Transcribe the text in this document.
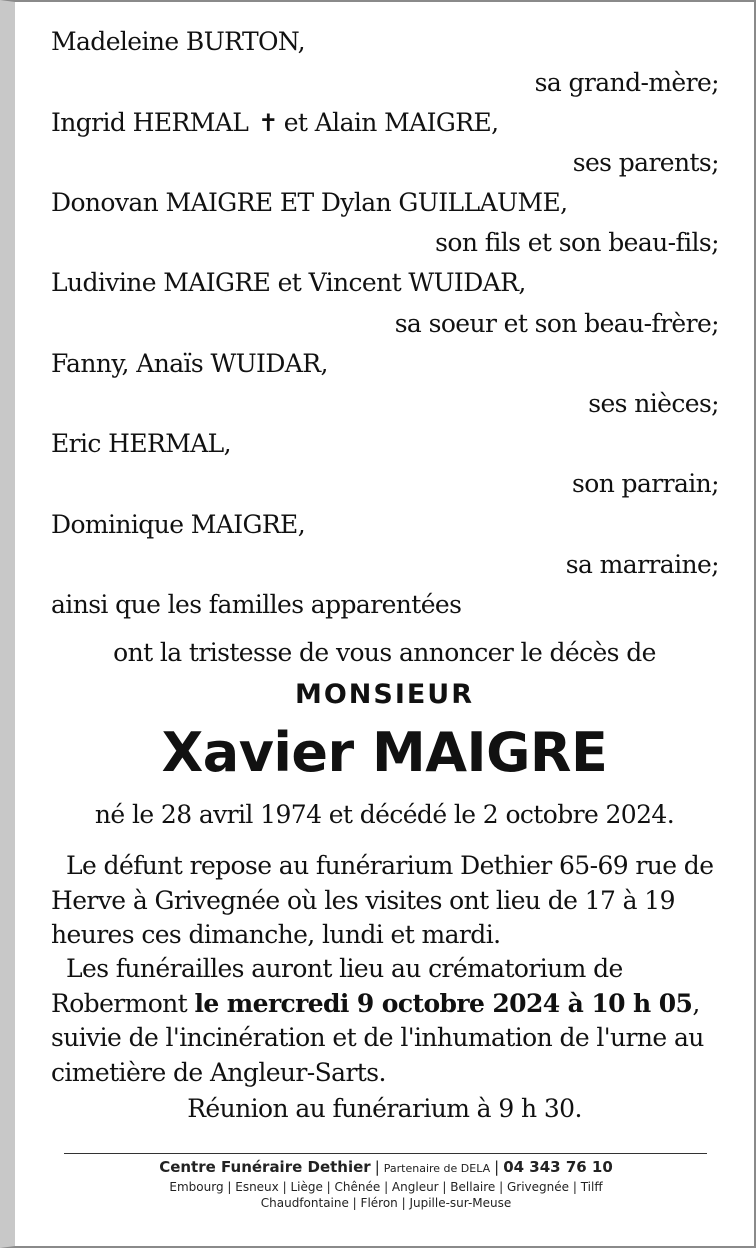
Madeleine BURTON,
sa grand-mère;
Ingrid HERMAL ✝ et Alain MAIGRE,
ses parents;
Donovan MAIGRE ET Dylan GUILLAUME,
son fils et son beau-fils;
Ludivine MAIGRE et Vincent WUIDAR,
sa soeur et son beau-frère;
Fanny, Anaïs WUIDAR,
ses nièces;
Eric HERMAL,
son parrain;
Dominique MAIGRE,
sa marraine;
ainsi que les familles apparentées
ont la tristesse de vous annoncer le décès de
MONSIEUR
Xavier MAIGRE
né le 28 avril 1974 et décédé le 2 octobre 2024.
Le défunt repose au funérarium Dethier 65-69 rue de Herve à Grivegnée où les visites ont lieu de 17 à 19 heures ces dimanche, lundi et mardi.
Les funérailles auront lieu au crématorium de Robermont le mercredi 9 octobre 2024 à 10 h 05, suivie de l'incinération et de l'inhumation de l'urne au cimetière de Angleur-Sarts.
Réunion au funérarium à 9 h 30.
Centre Funéraire Dethier | Partenaire de DELA | 04 343 76 10
Embourg | Esneux | Liège | Chênée | Angleur | Bellaire | Grivegnée | Tilff
Chaudfontaine | Fléron | Jupille-sur-Meuse
